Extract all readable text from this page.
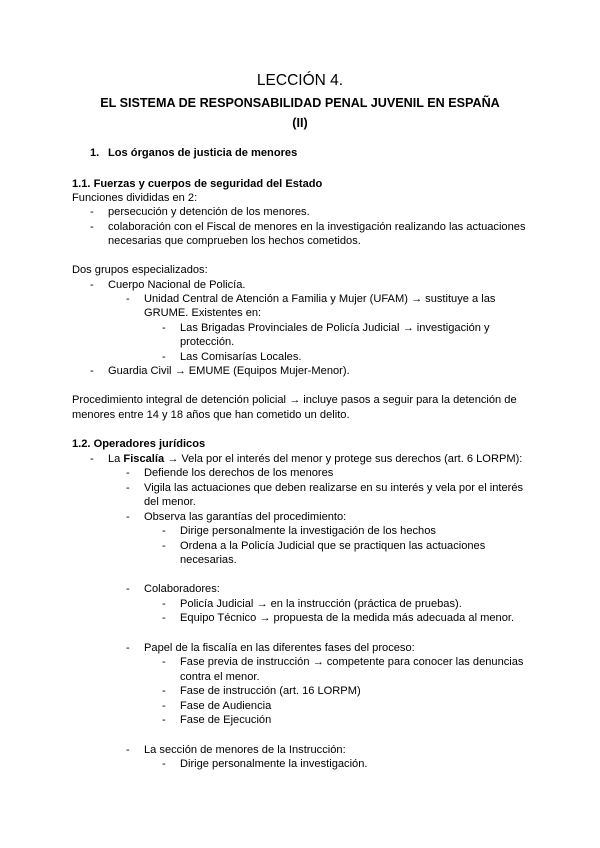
LECCIÓN 4.
EL SISTEMA DE RESPONSABILIDAD PENAL JUVENIL EN ESPAÑA
(II)
1. Los órganos de justicia de menores
1.1. Fuerzas y cuerpos de seguridad del Estado
Funciones divididas en 2:
- persecución y detención de los menores.
- colaboración con el Fiscal de menores en la investigación realizando las actuaciones
necesarias que comprueben los hechos cometidos.
Dos grupos especializados:
- Cuerpo Nacional de Policía.
- Unidad Central de Atención a Familia y Mujer (UFAM) → sustituye a las
GRUME. Existentes en:
- Las Brigadas Provinciales de Policía Judicial → investigación y
protección.
- Las Comisarías Locales.
- Guardia Civil → EMUME (Equipos Mujer-Menor).
Procedimiento integral de detención policial → incluye pasos a seguir para la detención de
menores entre 14 y 18 años que han cometido un delito.
1.2. Operadores jurídicos
- La Fiscalía → Vela por el interés del menor y protege sus derechos (art. 6 LORPM):
- Defiende los derechos de los menores
- Vigila las actuaciones que deben realizarse en su interés y vela por el interés
del menor.
- Observa las garantías del procedimiento:
- Dirige personalmente la investigación de los hechos
- Ordena a la Policía Judicial que se practiquen las actuaciones
necesarias.
- Colaboradores:
- Policía Judicial → en la instrucción (práctica de pruebas).
- Equipo Técnico → propuesta de la medida más adecuada al menor.
- Papel de la fiscalía en las diferentes fases del proceso:
- Fase previa de instrucción → competente para conocer las denuncias
contra el menor.
- Fase de instrucción (art. 16 LORPM)
- Fase de Audiencia
- Fase de Ejecución
- La sección de menores de la Instrucción:
- Dirige personalmente la investigación.
